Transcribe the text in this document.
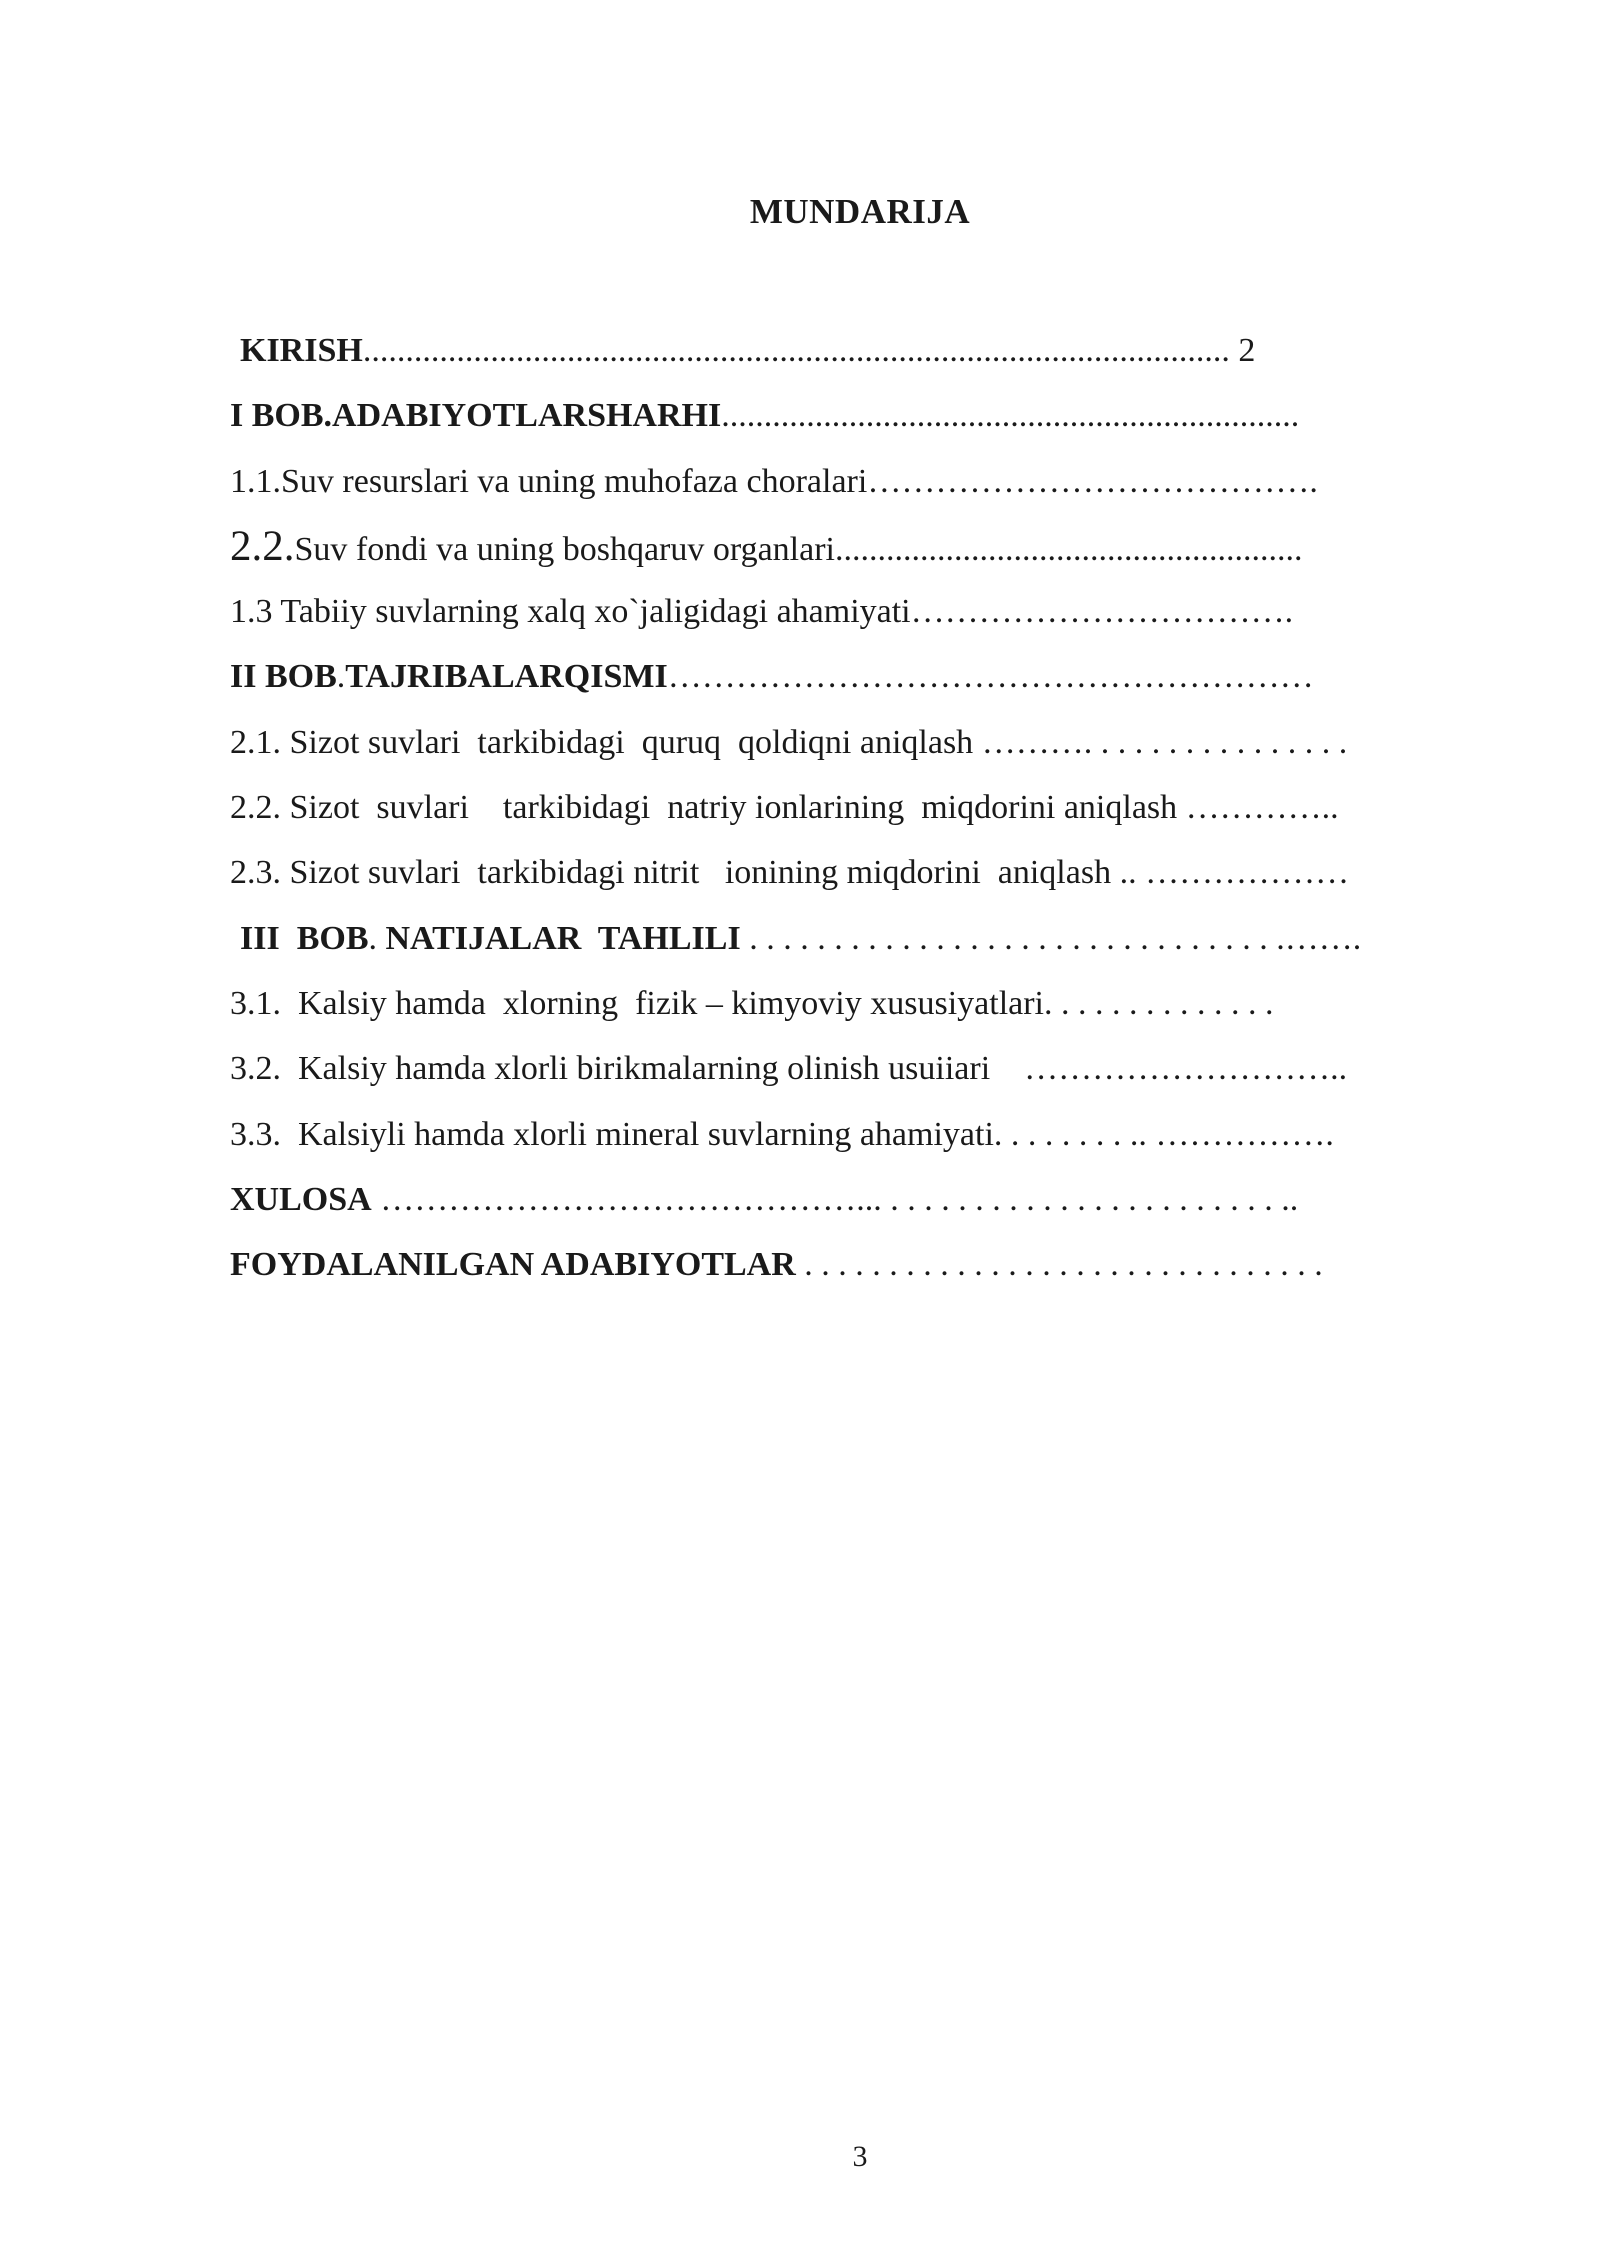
MUNDARIJA
KIRISH...................................................................................................... 2
I BOB.ADABIYOTLARSHARHI....................................................................
1.1.Suv resurslari va uning muhofaza choralari………………………………….
2.2.Suv fondi va uning boshqaruv organlari.......................................................
1.3 Tabiiy suvlarning xalq xo`jaligidagi ahamiyati…………………………….
II BOB.TAJRIBALARQISMI…………………………………………………
2.1. Sizot suvlari  tarkibidagi  quruq  qoldiqni aniqlash ………. . . . . . . . . . . . . . . .
2.2. Sizot  suvlari    tarkibidagi  natriy ionlarining  miqdorini aniqlash …………..
2.3. Sizot suvlari  tarkibidagi nitrit   ionining miqdorini  aniqlash .. ………………
III  BOB. NATIJALAR  TAHLILI . . . . . . . . . . . . . . . . . . . . . . . . . . . . . . . .…….
3.1.  Kalsiy hamda  xlorning  fizik – kimyoviy xususiyatlari. . . . . . . . . . . . . .
3.2.  Kalsiy hamda xlorli birikmalarning olinish usuiiari    ………………………..
3.3.  Kalsiyli hamda xlorli mineral suvlarning ahamiyati. . . . . . . . .. …………….
XULOSA ……………………………………... . . . . . . . . . . . . . . . . . . . . . . . ..
FOYDALANILGAN ADABIYOTLAR . . . . . . . . . . . . . . . . . . . . . . . . . . . . . . .
3
